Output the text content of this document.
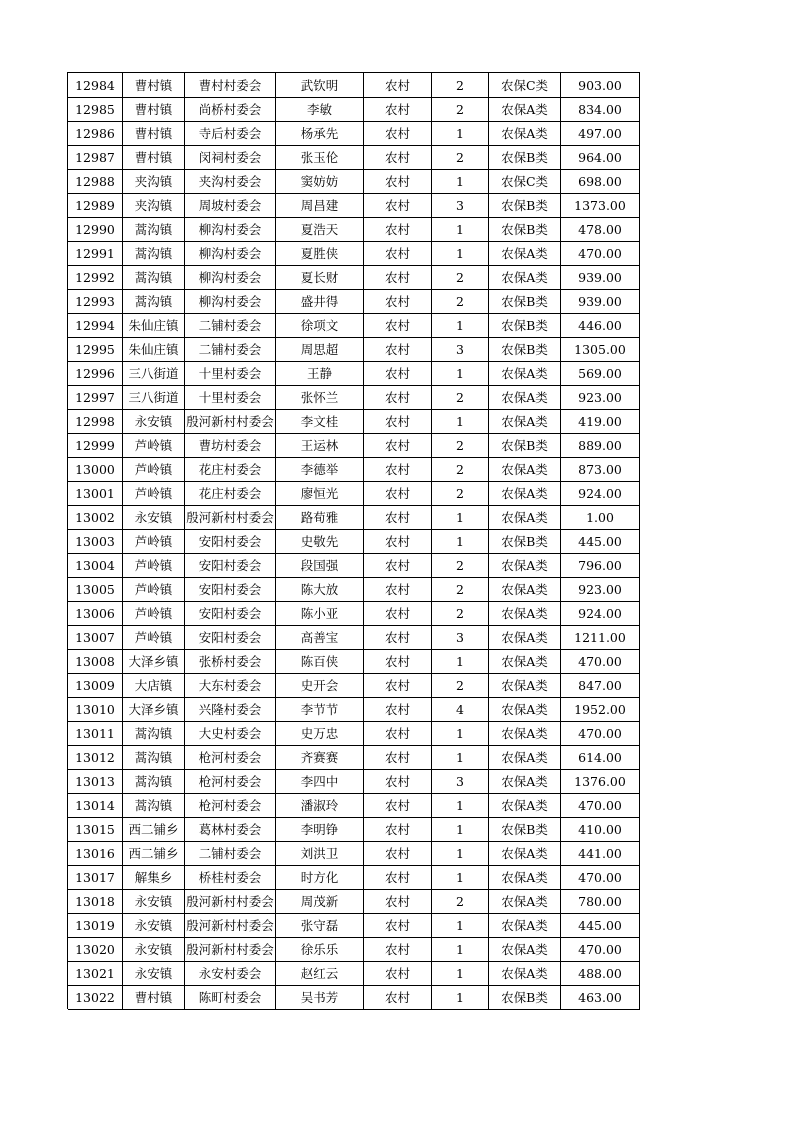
12984	曹村镇	曹村村委会	武钦明	农村	2	农保C类	903.00
12985	曹村镇	尚桥村委会	李敏	农村	2	农保A类	834.00
12986	曹村镇	寺后村委会	杨承先	农村	1	农保A类	497.00
12987	曹村镇	闵祠村委会	张玉伦	农村	2	农保B类	964.00
12988	夹沟镇	夹沟村委会	窦妨妨	农村	1	农保C类	698.00
12989	夹沟镇	周坡村委会	周昌建	农村	3	农保B类	1373.00
12990	蒿沟镇	柳沟村委会	夏浩天	农村	1	农保B类	478.00
12991	蒿沟镇	柳沟村委会	夏胜侠	农村	1	农保A类	470.00
12992	蒿沟镇	柳沟村委会	夏长财	农村	2	农保A类	939.00
12993	蒿沟镇	柳沟村委会	盛井得	农村	2	农保B类	939.00
12994	朱仙庄镇	二铺村委会	徐项文	农村	1	农保B类	446.00
12995	朱仙庄镇	二铺村委会	周思超	农村	3	农保B类	1305.00
12996	三八街道	十里村委会	王静	农村	1	农保A类	569.00
12997	三八街道	十里村委会	张怀兰	农村	2	农保A类	923.00
12998	永安镇	殷河新村村委会	李文桂	农村	1	农保A类	419.00
12999	芦岭镇	曹坊村委会	王运林	农村	2	农保B类	889.00
13000	芦岭镇	花庄村委会	李德举	农村	2	农保A类	873.00
13001	芦岭镇	花庄村委会	廖恒光	农村	2	农保A类	924.00
13002	永安镇	殷河新村村委会	路荀雅	农村	1	农保A类	1.00
13003	芦岭镇	安阳村委会	史敬先	农村	1	农保B类	445.00
13004	芦岭镇	安阳村委会	段国强	农村	2	农保A类	796.00
13005	芦岭镇	安阳村委会	陈大放	农村	2	农保A类	923.00
13006	芦岭镇	安阳村委会	陈小亚	农村	2	农保A类	924.00
13007	芦岭镇	安阳村委会	高善宝	农村	3	农保A类	1211.00
13008	大泽乡镇	张桥村委会	陈百侠	农村	1	农保A类	470.00
13009	大店镇	大东村委会	史开会	农村	2	农保A类	847.00
13010	大泽乡镇	兴隆村委会	李节节	农村	4	农保A类	1952.00
13011	蒿沟镇	大史村委会	史万忠	农村	1	农保A类	470.00
13012	蒿沟镇	枪河村委会	齐赛赛	农村	1	农保A类	614.00
13013	蒿沟镇	枪河村委会	李四中	农村	3	农保A类	1376.00
13014	蒿沟镇	枪河村委会	潘淑玲	农村	1	农保A类	470.00
13015	西二铺乡	葛林村委会	李明铮	农村	1	农保B类	410.00
13016	西二铺乡	二铺村委会	刘洪卫	农村	1	农保A类	441.00
13017	解集乡	桥桂村委会	时方化	农村	1	农保A类	470.00
13018	永安镇	殷河新村村委会	周茂新	农村	2	农保A类	780.00
13019	永安镇	殷河新村村委会	张守磊	农村	1	农保A类	445.00
13020	永安镇	殷河新村村委会	徐乐乐	农村	1	农保A类	470.00
13021	永安镇	永安村委会	赵红云	农村	1	农保A类	488.00
13022	曹村镇	陈町村委会	吴书芳	农村	1	农保B类	463.00
